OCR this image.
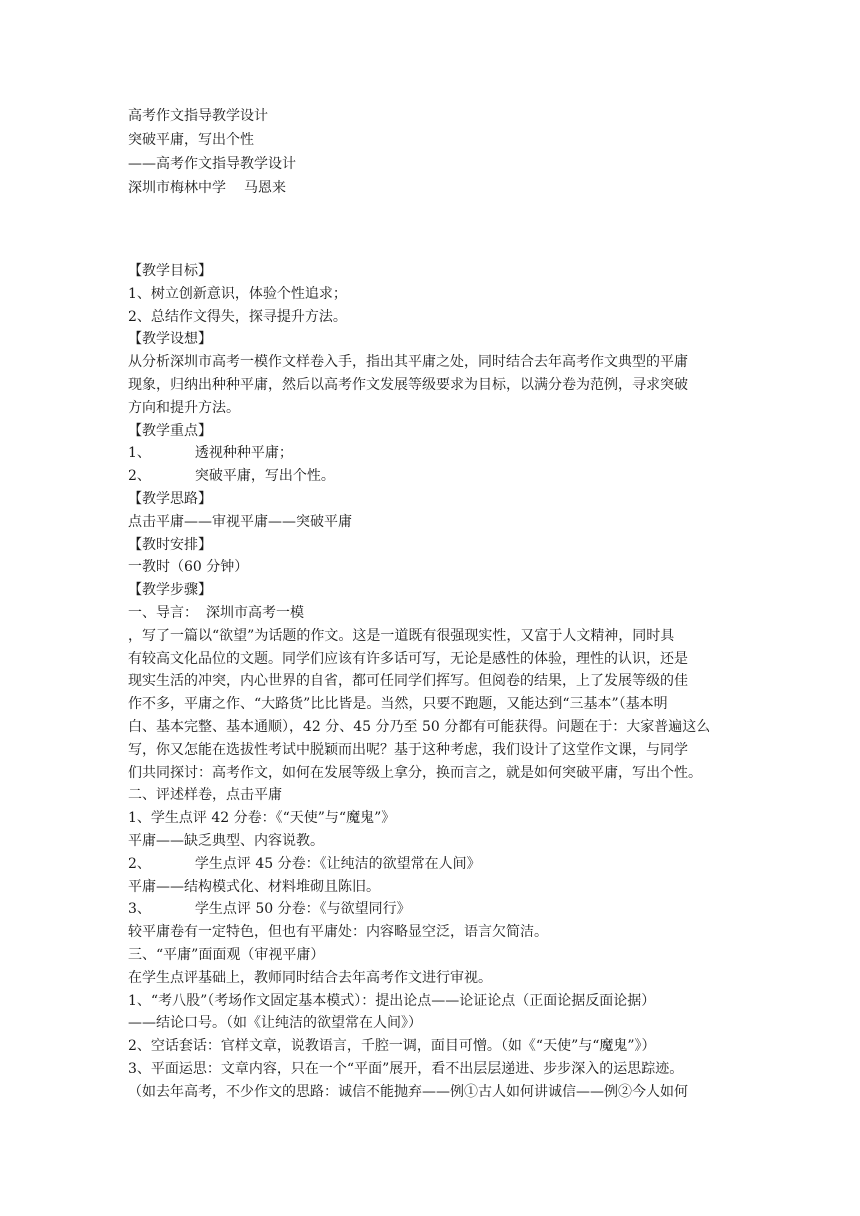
高考作文指导教学设计
突破平庸，写出个性
——高考作文指导教学设计
深圳市梅林中学 马恩来
【教学目标】
1、树立创新意识，体验个性追求；
2、总结作文得失，探寻提升方法。
【教学设想】
从分析深圳市高考一模作文样卷入手，指出其平庸之处，同时结合去年高考作文典型的平庸
现象，归纳出种种平庸，然后以高考作文发展等级要求为目标，以满分卷为范例，寻求突破
方向和提升方法。
【教学重点】
1、	透视种种平庸；
2、	突破平庸，写出个性。
【教学思路】
点击平庸——审视平庸——突破平庸
【教时安排】
一教时（60 分钟）
【教学步骤】
一、导言： 深圳市高考一模
，写了一篇以“欲望”为话题的作文。这是一道既有很强现实性，又富于人文精神，同时具
有较高文化品位的文题。同学们应该有许多话可写，无论是感性的体验，理性的认识，还是
现实生活的冲突，内心世界的自省，都可任同学们挥写。但阅卷的结果，上了发展等级的佳
作不多，平庸之作、“大路货”比比皆是。当然，只要不跑题，又能达到“三基本”（基本明
白、基本完整、基本通顺），42 分、45 分乃至 50 分都有可能获得。问题在于：大家普遍这么
写，你又怎能在选拔性考试中脱颖而出呢？基于这种考虑，我们设计了这堂作文课，与同学
们共同探讨：高考作文，如何在发展等级上拿分，换而言之，就是如何突破平庸，写出个性。
二、评述样卷，点击平庸
1、学生点评 42 分卷：《“天使”与“魔鬼”》
平庸——缺乏典型、内容说教。
2、	学生点评 45 分卷：《让纯洁的欲望常在人间》
平庸——结构模式化、材料堆砌且陈旧。
3、	学生点评 50 分卷：《与欲望同行》
较平庸卷有一定特色，但也有平庸处：内容略显空泛，语言欠简洁。
三、“平庸”面面观（审视平庸）
在学生点评基础上，教师同时结合去年高考作文进行审视。
1、“考八股”（考场作文固定基本模式）：提出论点——论证论点（正面论据反面论据）
——结论口号。（如《让纯洁的欲望常在人间》）
2、空话套话：官样文章，说教语言，千腔一调，面目可憎。（如《“天使”与“魔鬼”》）
3、平面运思：文章内容，只在一个“平面”展开，看不出层层递进、步步深入的运思踪迹。
（如去年高考，不少作文的思路：诚信不能抛弃——例①古人如何讲诚信——例②今人如何
